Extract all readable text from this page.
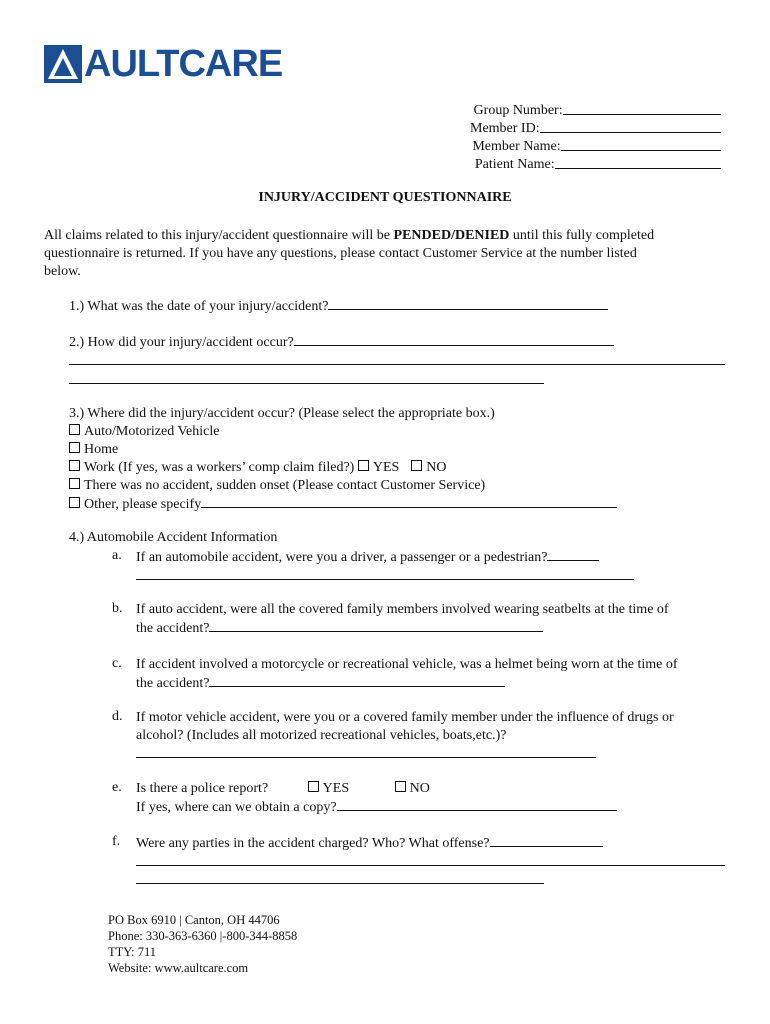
AULTCARE
Group Number:
Member ID:
Member Name:
Patient Name:
INJURY/ACCIDENT QUESTIONNAIRE
All claims related to this injury/accident questionnaire will be PENDED/DENIED until this fully completed
questionnaire is returned. If you have any questions, please contact Customer Service at the number listed
below.
1.) What was the date of your injury/accident?
2.) How did your injury/accident occur?
3.) Where did the injury/accident occur? (Please select the appropriate box.)
Auto/Motorized Vehicle
Home
Work (If yes, was a workers’ comp claim filed?) YES NO
There was no accident, sudden onset (Please contact Customer Service)
Other, please specify
4.) Automobile Accident Information
a. If an automobile accident, were you a driver, a passenger or a pedestrian?
b. If auto accident, were all the covered family members involved wearing seatbelts at the time of
the accident?
c. If accident involved a motorcycle or recreational vehicle, was a helmet being worn at the time of
the accident?
d. If motor vehicle accident, were you or a covered family member under the influence of drugs or
alcohol? (Includes all motorized recreational vehicles, boats,etc.)?
e. Is there a police report?	YES	NO
If yes, where can we obtain a copy?
f. Were any parties in the accident charged? Who? What offense?
PO Box 6910 | Canton, OH 44706
Phone: 330-363-6360 |-800-344-8858
TTY: 711
Website: www.aultcare.com
